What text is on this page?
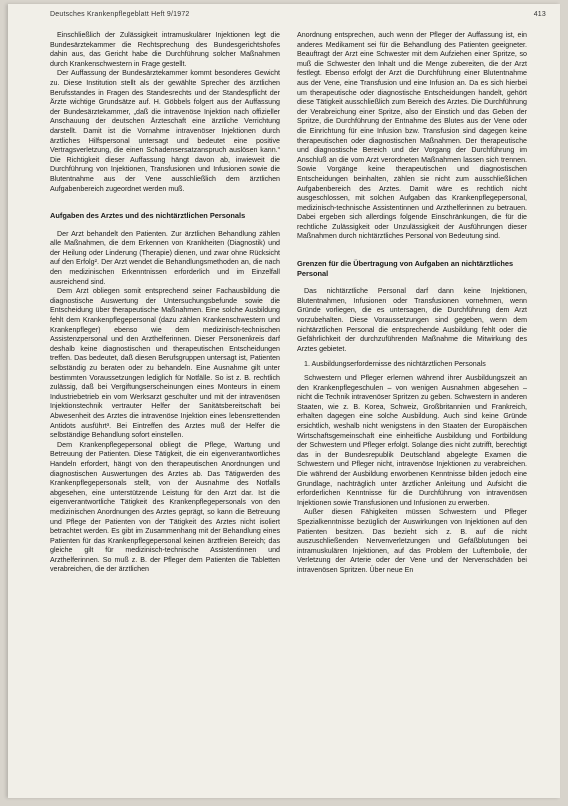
Deutsches Krankenpflegeblatt Heft 9/1972	413

Einschließlich der Zulässigkeit intramuskulärer Injektionen legt die Bundesärztekammer die Rechtsprechung des Bundesgerichtshofes dahin aus, das Gericht habe die Durchführung solcher Maßnahmen durch Krankenschwestern in Frage gestellt.

Der Auffassung der Bundesärztekammer kommt besonderes Gewicht zu. Diese Institution stellt als der gewählte Sprecher des ärztlichen Berufsstandes in Fragen des Standesrechts und der Standespflicht der Ärzte wichtige Grundsätze auf. H. Göbbels folgert aus der Auffassung der Bundesärztekammer, „daß die intravenöse Injektion nach offizieller Anschauung der deutschen Ärzteschaft eine ärztliche Verrichtung darstellt. Damit ist die Vornahme intravenöser Injektionen durch ärztliches Hilfspersonal untersagt und bedeutet eine positive Vertragsverletzung, die einen Schadensersatzanspruch auslösen kann.“ Die Richtigkeit dieser Auffassung hängt davon ab, inwieweit die Durchführung von Injektionen, Transfusionen und Infusionen sowie die Blutentnahme aus der Vene ausschließlich dem ärztlichen Aufgabenbereich zugeordnet werden muß.

Aufgaben des Arztes und des nichtärztlichen Personals

Der Arzt behandelt den Patienten. Zur ärztlichen Behandlung zählen alle Maßnahmen, die dem Erkennen von Krankheiten (Diagnostik) und der Heilung oder Linderung (Therapie) dienen, und zwar ohne Rücksicht auf den Erfolg². Der Arzt wendet die Behandlungsmethoden an, die nach den medizinischen Erkenntnissen erforderlich und im Einzelfall ausreichend sind.

Dem Arzt obliegen somit entsprechend seiner Fachausbildung die diagnostische Auswertung der Untersuchungsbefunde sowie die Entscheidung über therapeutische Maßnahmen. Eine solche Ausbildung fehlt dem Krankenpflegepersonal (dazu zählen Krankenschwestern und Krankenpfleger) ebenso wie dem medizinisch-technischen Assistenzpersonal und den Arzthelferinnen. Dieser Personenkreis darf deshalb keine diagnostischen und therapeutischen Entscheidungen treffen. Das bedeutet, daß diesen Berufsgruppen untersagt ist, Patienten selbständig zu beraten oder zu behandeln. Eine Ausnahme gilt unter bestimmten Voraussetzungen lediglich für Notfälle. So ist z. B. rechtlich zulässig, daß bei Vergiftungserscheinungen eines Monteurs in einem Industriebetrieb ein vom Werksarzt geschulter und mit der intravenösen Injektionstechnik vertrauter Helfer der Sanitätsbereitschaft bei Abwesenheit des Arztes die intravenöse Injektion eines lebensrettenden Antidots ausführt³. Bei Eintreffen des Arztes muß der Helfer die selbständige Behandlung sofort einstellen.

Dem Krankenpflegepersonal obliegt die Pflege, Wartung und Betreuung der Patienten. Diese Tätigkeit, die ein eigenverantwortliches Handeln erfordert, hängt von den therapeutischen Anordnungen und diagnostischen Auswertungen des Arztes ab. Das Tätigwerden des Krankenpflegepersonals stellt, von der Ausnahme des Notfalls abgesehen, eine unterstützende Leistung für den Arzt dar. Ist die eigenverantwortliche Tätigkeit des Krankenpflegepersonals von den medizinischen Anordnungen des Arztes geprägt, so kann die Betreuung und Pflege der Patienten von der Tätigkeit des Arztes nicht isoliert betrachtet werden. Es gibt im Zusammenhang mit der Behandlung eines Patienten für das Krankenpflegepersonal keinen ärztfreien Bereich; das gleiche gilt für medizinisch-technische Assistentinnen und Arzthelferinnen. So muß z. B. der Pfleger dem Patienten die Tabletten verabreichen, die der ärztlichen

Anordnung entsprechen, auch wenn der Pfleger der Auffassung ist, ein anderes Medikament sei für die Behandlung des Patienten geeigneter. Beauftragt der Arzt eine Schwester mit dem Aufziehen einer Spritze, so muß die Schwester den Inhalt und die Menge zubereiten, die der Arzt festlegt. Ebenso erfolgt der Arzt die Durchführung einer Blutentnahme aus der Vene, eine Transfusion und eine Infusion an. Da es sich hierbei um therapeutische oder diagnostische Entscheidungen handelt, gehört diese Tätigkeit ausschließlich zum Bereich des Arztes. Die Durchführung der Verabreichung einer Spritze, also der Einstich und das Geben der Spritze, die Durchführung der Entnahme des Blutes aus der Vene oder die Einrichtung für eine Infusion bzw. Transfusion sind dagegen keine therapeutischen oder diagnostischen Maßnahmen. Der therapeutische und diagnostische Bereich und der Vorgang der Durchführung im Anschluß an die vom Arzt verordneten Maßnahmen lassen sich trennen. Sowie Vorgänge keine therapeutischen und diagnostischen Entscheidungen beinhalten, zählen sie nicht zum ausschließlichen Aufgabenbereich des Arztes. Damit wäre es rechtlich nicht ausgeschlossen, mit solchen Aufgaben das Krankenpflegepersonal, medizinisch-technische Assistentinnen und Arzthelferinnen zu betrauen. Dabei ergeben sich allerdings folgende Einschränkungen, die für die rechtliche Zulässigkeit oder Unzulässigkeit der Ausführungen dieser Maßnahmen durch nichtärztliches Personal von Bedeutung sind.

Grenzen für die Übertragung von Aufgaben an nichtärztliches Personal

Das nichtärztliche Personal darf dann keine Injektionen, Blutentnahmen, Infusionen oder Transfusionen vornehmen, wenn Gründe vorliegen, die es untersagen, die Durchführung dem Arzt vorzubehalten. Diese Voraussetzungen sind gegeben, wenn dem nichtärztlichen Personal die entsprechende Ausbildung fehlt oder die Gefährlichkeit der durchzuführenden Maßnahme die Mitwirkung des Arztes gebietet.

1. Ausbildungserfordernisse des nichtärztlichen Personals

Schwestern und Pfleger erlernen während ihrer Ausbildungszeit an den Krankenpflegeschulen – von wenigen Ausnahmen abgesehen – nicht die Technik intravenöser Spritzen zu geben. Schwestern in anderen Staaten, wie z. B. Korea, Schweiz, Großbritannien und Frankreich, erhalten dagegen eine solche Ausbildung. Auch sind keine Gründe ersichtlich, weshalb nicht wenigstens in den Staaten der Europäischen Wirtschaftsgemeinschaft eine einheitliche Ausbildung und Fortbildung der Schwestern und Pfleger erfolgt. Solange dies nicht zutrifft, berechtigt das in der Bundesrepublik Deutschland abgelegte Examen die Schwestern und Pfleger nicht, intravenöse Injektionen zu verabreichen. Die während der Ausbildung erworbenen Kenntnisse bilden jedoch eine Grundlage, nachträglich unter ärztlicher Anleitung und Aufsicht die erforderlichen Kenntnisse für die Durchführung von intravenösen Injektionen sowie Transfusionen und Infusionen zu erwerben.

Außer diesen Fähigkeiten müssen Schwestern und Pfleger Spezialkenntnisse bezüglich der Auswirkungen von Injektionen auf den Patienten besitzen. Das bezieht sich z. B. auf die nicht auszuschließenden Nervenverletzungen und Gefäßblutungen bei intramuskulären Injektionen, auf das Problem der Luftembolie, der Verletzung der Arterie oder der Vene und der Nervenschäden bei intravenösen Spritzen. Über neue En
